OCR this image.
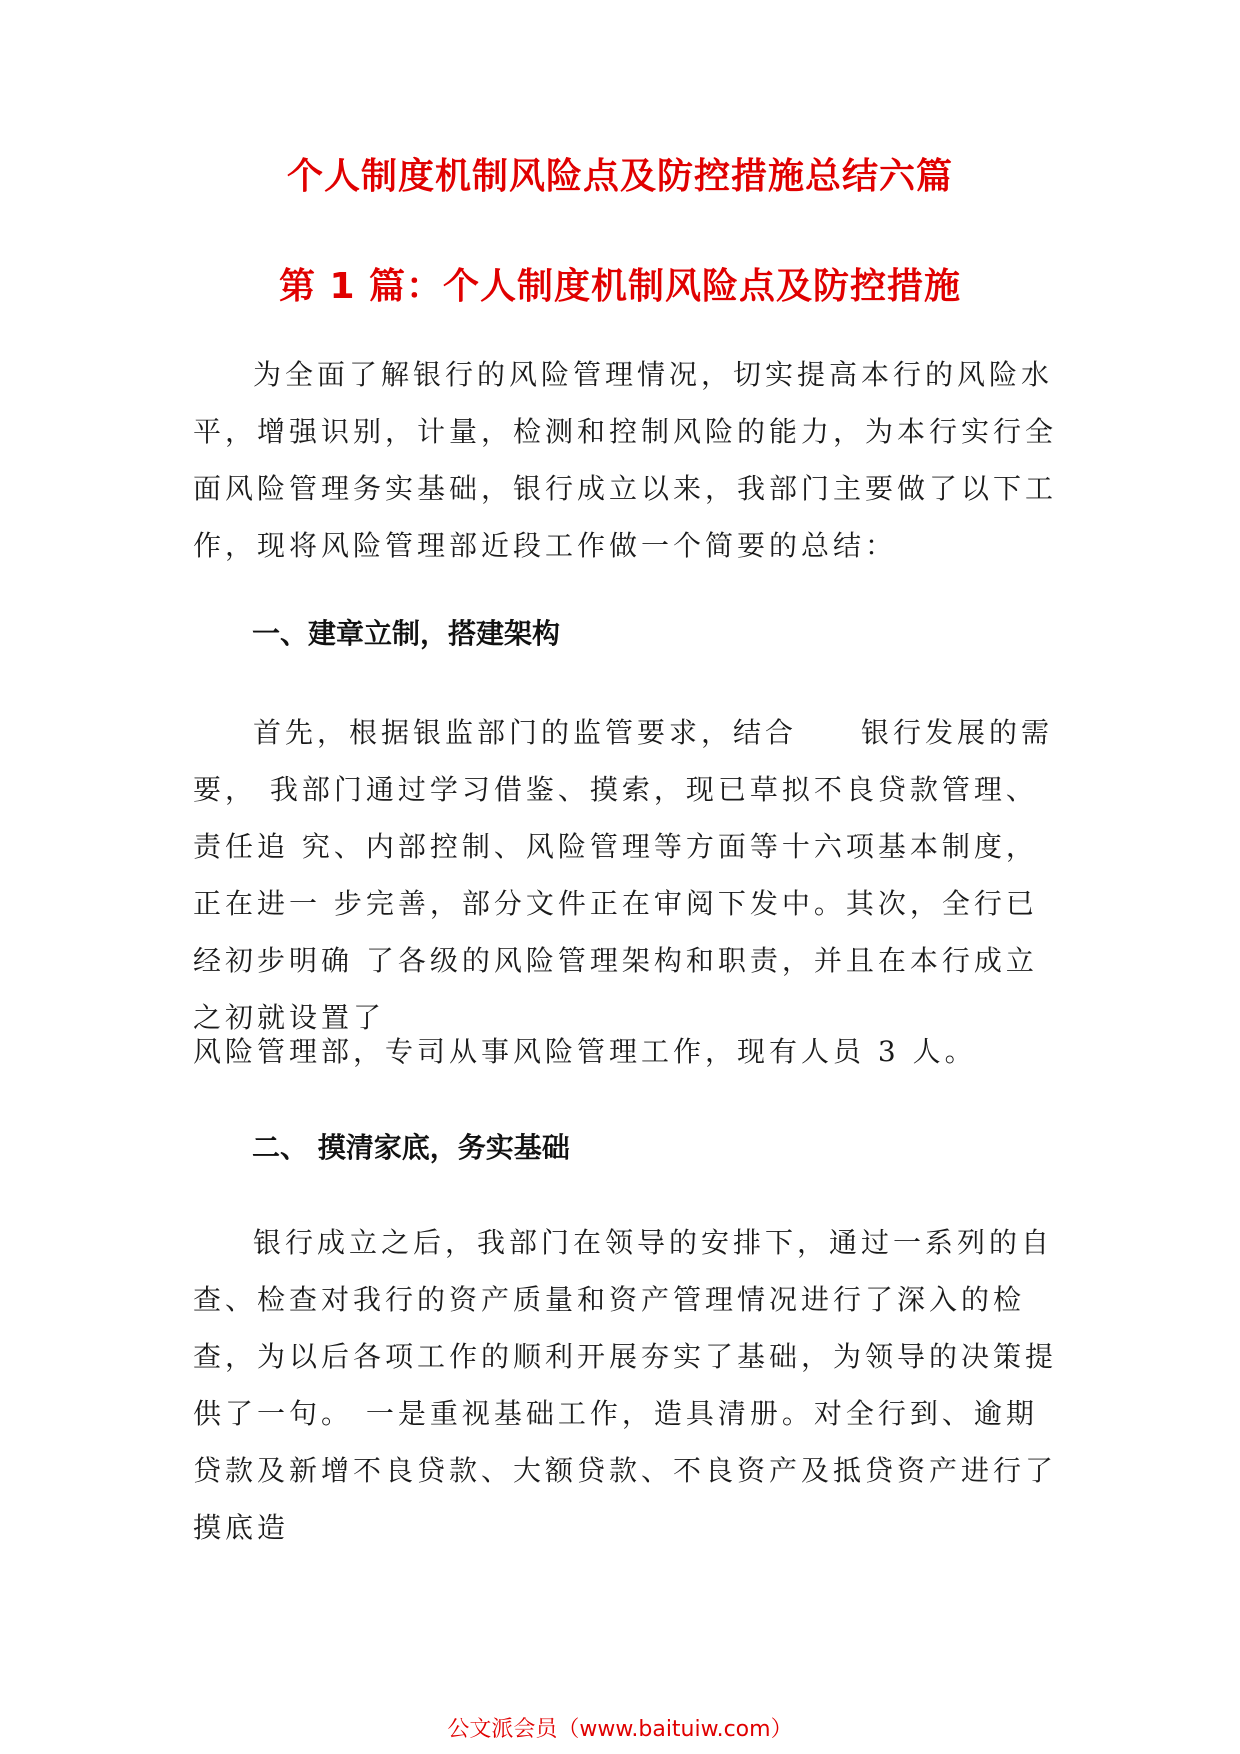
个人制度机制风险点及防控措施总结六篇
第 1 篇：个人制度机制风险点及防控措施

为全面了解银行的风险管理情况，切实提高本行的风险水平，增强识别，计量，检测和控制风险的能力，为本行实行全面风险管理务实基础，银行成立以来，我部门主要做了以下工作，现将风险管理部近段工作做一个简要的总结：

一、建章立制，搭建架构

首先，根据银监部门的监管要求，结合　　银行发展的需要， 我部门通过学习借鉴、摸索，现已草拟不良贷款管理、责任追 究、内部控制、风险管理等方面等十六项基本制度，正在进一 步完善，部分文件正在审阅下发中。其次，全行已经初步明确 了各级的风险管理架构和职责，并且在本行成立之初就设置了

风险管理部，专司从事风险管理工作，现有人员 3 人。

二、 摸清家底，务实基础

银行成立之后，我部门在领导的安排下，通过一系列的自查、检查对我行的资产质量和资产管理情况进行了深入的检查，为以后各项工作的顺利开展夯实了基础，为领导的决策提供了一句。 一是重视基础工作，造具清册。对全行到、逾期贷款及新增不良贷款、大额贷款、不良资产及抵贷资产进行了摸底造

公文派会员（www.baituiw.com）
